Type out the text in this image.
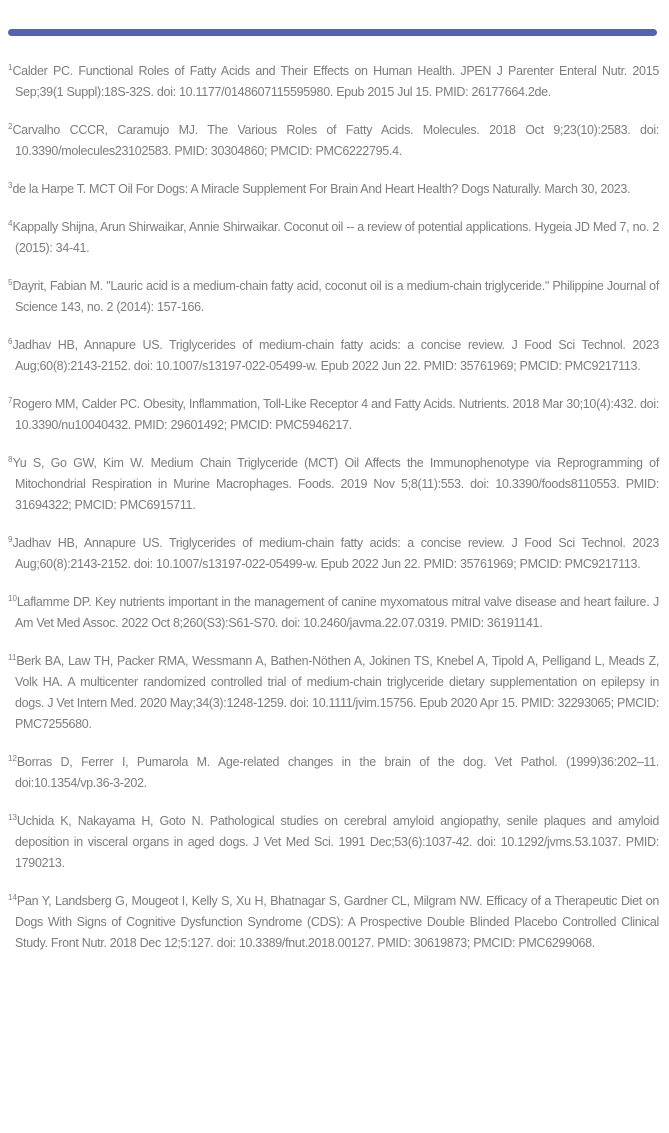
$^1$Calder PC. Functional Roles of Fatty Acids and Their Effects on Human Health. JPEN J Parenter Enteral Nutr. 2015 Sep;39(1 Suppl):18S-32S. doi: 10.1177/0148607115595980. Epub 2015 Jul 15. PMID: 26177664.2de.

$^2$Carvalho CCCR, Caramujo MJ. The Various Roles of Fatty Acids. Molecules. 2018 Oct 9;23(10):2583. doi: 10.3390/molecules23102583. PMID: 30304860; PMCID: PMC6222795.4.

$^3$de la Harpe T. MCT Oil For Dogs: A Miracle Supplement For Brain And Heart Health? Dogs Naturally. March 30, 2023.

$^4$Kappally Shijna, Arun Shirwaikar, Annie Shirwaikar. Coconut oil -- a review of potential applications. Hygeia JD Med 7, no. 2 (2015): 34-41.

$^5$Dayrit, Fabian M. "Lauric acid is a medium-chain fatty acid, coconut oil is a medium-chain triglyceride." Philippine Journal of Science 143, no. 2 (2014): 157-166.

$^6$Jadhav HB, Annapure US. Triglycerides of medium-chain fatty acids: a concise review. J Food Sci Technol. 2023 Aug;60(8):2143-2152. doi: 10.1007/s13197-022-05499-w. Epub 2022 Jun 22. PMID: 35761969; PMCID: PMC9217113.

$^7$Rogero MM, Calder PC. Obesity, Inflammation, Toll-Like Receptor 4 and Fatty Acids. Nutrients. 2018 Mar 30;10(4):432. doi: 10.3390/nu10040432. PMID: 29601492; PMCID: PMC5946217.

$^8$Yu S, Go GW, Kim W. Medium Chain Triglyceride (MCT) Oil Affects the Immunophenotype via Reprogramming of Mitochondrial Respiration in Murine Macrophages. Foods. 2019 Nov 5;8(11):553. doi: 10.3390/foods8110553. PMID: 31694322; PMCID: PMC6915711.

$^9$Jadhav HB, Annapure US. Triglycerides of medium-chain fatty acids: a concise review. J Food Sci Technol. 2023 Aug;60(8):2143-2152. doi: 10.1007/s13197-022-05499-w. Epub 2022 Jun 22. PMID: 35761969; PMCID: PMC9217113.

$^{10}$Laflamme DP. Key nutrients important in the management of canine myxomatous mitral valve disease and heart failure. J Am Vet Med Assoc. 2022 Oct 8;260(S3):S61-S70. doi: 10.2460/javma.22.07.0319. PMID: 36191141.

$^{11}$Berk BA, Law TH, Packer RMA, Wessmann A, Bathen-Nöthen A, Jokinen TS, Knebel A, Tipold A, Pelligand L, Meads Z, Volk HA. A multicenter randomized controlled trial of medium-chain triglyceride dietary supplementation on epilepsy in dogs. J Vet Intern Med. 2020 May;34(3):1248-1259. doi: 10.1111/jvim.15756. Epub 2020 Apr 15. PMID: 32293065; PMCID: PMC7255680.

$^{12}$Borras D, Ferrer I, Pumarola M. Age-related changes in the brain of the dog. Vet Pathol. (1999)36:202–11. doi:10.1354/vp.36-3-202.

$^{13}$Uchida K, Nakayama H, Goto N. Pathological studies on cerebral amyloid angiopathy, senile plaques and amyloid deposition in visceral organs in aged dogs. J Vet Med Sci. 1991 Dec;53(6):1037-42. doi: 10.1292/jvms.53.1037. PMID: 1790213.

$^{14}$Pan Y, Landsberg G, Mougeot I, Kelly S, Xu H, Bhatnagar S, Gardner CL, Milgram NW. Efficacy of a Therapeutic Diet on Dogs With Signs of Cognitive Dysfunction Syndrome (CDS): A Prospective Double Blinded Placebo Controlled Clinical Study. Front Nutr. 2018 Dec 12;5:127. doi: 10.3389/fnut.2018.00127. PMID: 30619873; PMCID: PMC6299068.
